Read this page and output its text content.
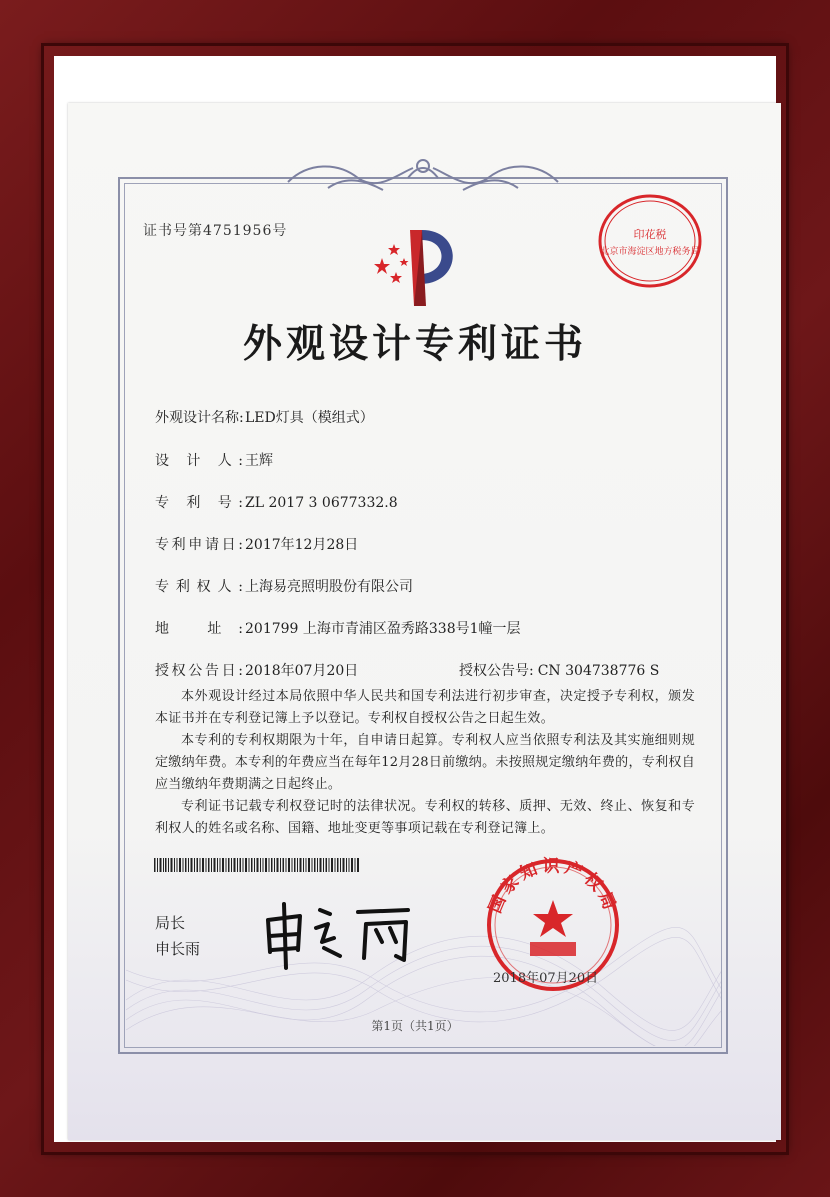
证书号第4751956号	印花税
北京市海淀区地方税务局
外观设计专利证书
外观设计名称:LED灯具（模组式）
设 计 人: 王辉
专 利 号: ZL 2017 3 0677332.8
专利申请日: 2017年12月28日
专利权人: 上海易亮照明股份有限公司
地 址: 201799 上海市青浦区盈秀路338号1幢一层
授权公告日: 2018年07月20日	授权公告号: CN 304738776 S
本外观设计经过本局依照中华人民共和国专利法进行初步审查，决定授予专利权，颁发本证书并在专利登记簿上予以登记。专利权自授权公告之日起生效。
本专利的专利权期限为十年，自申请日起算。专利权人应当依照专利法及其实施细则规定缴纳年费。本专利的年费应当在每年12月28日前缴纳。未按照规定缴纳年费的，专利权自应当缴纳年费期满之日起终止。
专利证书记载专利权登记时的法律状况。专利权的转移、质押、无效、终止、恢复和专利权人的姓名或名称、国籍、地址变更等事项记载在专利登记簿上。
局长
申长雨
国家知识产权局
2018年07月20日
第1页（共1页）
